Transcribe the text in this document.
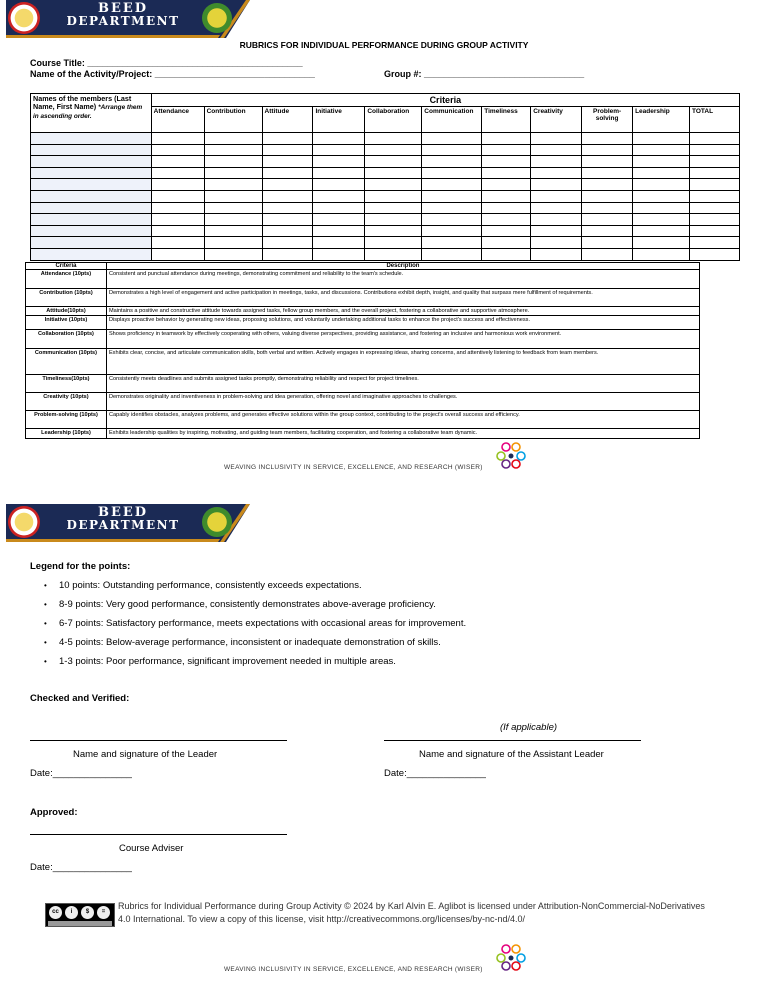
BEED
DEPARTMENT
RUBRICS FOR INDIVIDUAL PERFORMANCE DURING GROUP ACTIVITY
Course Title: ___________________________________________
Name of the Activity/Project: ________________________________	Group #: ________________________________
Names of the members (Last Name, First Name) *Arrange them in ascending order.	Criteria										
	Attendance	Contribution	Attitude	Initiative	Collaboration	Communication	Timeliness	Creativity	Problem-solving	Leadership	TOTAL

Criteria	Description
Attendance (10pts)	Consistent and punctual attendance during meetings, demonstrating commitment and reliability to the team's schedule.
Contribution (10pts)	Demonstrates a high level of engagement and active participation in meetings, tasks, and discussions. Contributions exhibit depth, insight, and quality that surpass mere fulfillment of requirements.
Attitude(10pts)	Maintains a positive and constructive attitude towards assigned tasks, fellow group members, and the overall project, fostering a collaborative and supportive atmosphere.
Initiative (10pts)	Displays proactive behavior by generating new ideas, proposing solutions, and voluntarily undertaking additional tasks to enhance the project's success and effectiveness.
Collaboration (10pts)	Shows proficiency in teamwork by effectively cooperating with others, valuing diverse perspectives, providing assistance, and fostering an inclusive and harmonious work environment.
Communication (10pts)	Exhibits clear, concise, and articulate communication skills, both verbal and written. Actively engages in expressing ideas, sharing concerns, and attentively listening to feedback from team members.
Timeliness(10pts)	Consistently meets deadlines and submits assigned tasks promptly, demonstrating reliability and respect for project timelines.
Creativity (10pts)	Demonstrates originality and inventiveness in problem-solving and idea generation, offering novel and imaginative approaches to challenges.
Problem-solving (10pts)	Capably identifies obstacles, analyzes problems, and generates effective solutions within the group context, contributing to the project's overall success and efficiency.
Leadership (10pts)	Exhibits leadership qualities by inspiring, motivating, and guiding team members, facilitating cooperation, and fostering a collaborative team dynamic.
WEAVING INCLUSIVITY IN SERVICE, EXCELLENCE, AND RESEARCH (WISER)
BEED
DEPARTMENT
Legend for the points:
• 10 points: Outstanding performance, consistently exceeds expectations.
• 8-9 points: Very good performance, consistently demonstrates above-average proficiency.
• 6-7 points: Satisfactory performance, meets expectations with occasional areas for improvement.
• 4-5 points: Below-average performance, inconsistent or inadequate demonstration of skills.
• 1-3 points: Poor performance, significant improvement needed in multiple areas.
Checked and Verified:
(If applicable)
Name and signature of the Leader	Name and signature of the Assistant Leader
Date:_______________	Date:_______________
Approved:
Course Adviser
Date:_______________
cc	i	$	=
Rubrics for Individual Performance during Group Activity © 2024 by Karl Alvin E. Aglibot is licensed under Attribution-NonCommercial-NoDerivatives 4.0 International. To view a copy of this license, visit http://creativecommons.org/licenses/by-nc-nd/4.0/
WEAVING INCLUSIVITY IN SERVICE, EXCELLENCE, AND RESEARCH (WISER)
